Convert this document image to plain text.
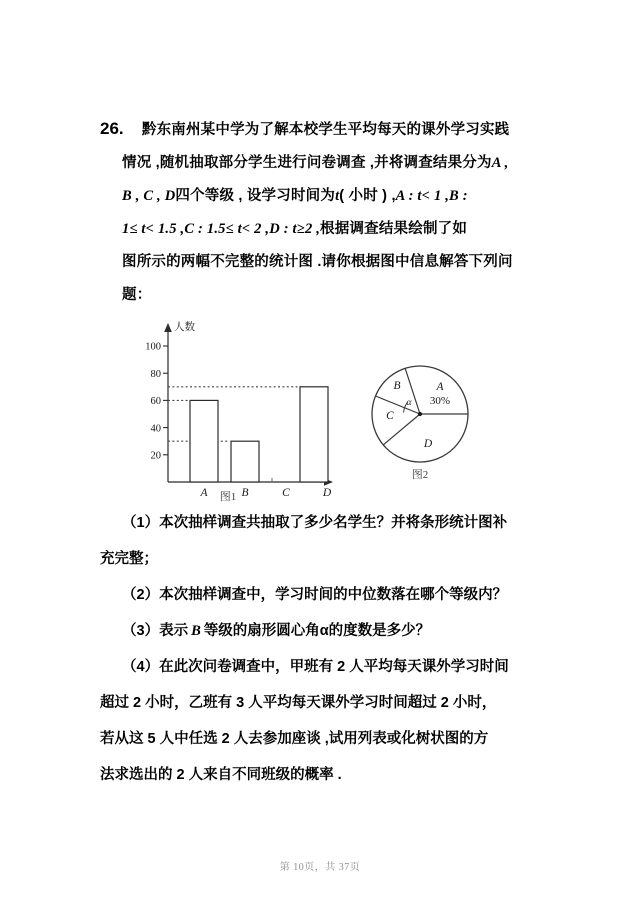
26. 黔东南州某中学为了解本校学生平均每天的课外学习实践
情况 ,随机抽取部分学生进行问卷调查 ,并将调查结果分为A ,
B , C , D四个等级 , 设学习时间为t( 小时 ) ,A : t< 1 ,B :
1≤ t< 1.5 ,C : 1.5≤ t< 2 ,D : t≥2 ,根据调查结果绘制了如
图所示的两幅不完整的统计图 .请你根据图中信息解答下列问
题：
20
40
60
80
100
人数
A	B	C	D
图1
A
30%
B
C
D
α
图2
（1）本次抽样调查共抽取了多少名学生？并将条形统计图补
充完整；
（2）本次抽样调查中，学习时间的中位数落在哪个等级内？
（3）表示 B 等级的扇形圆心角α的度数是多少？
（4）在此次问卷调查中，甲班有 2 人平均每天课外学习时间
超过 2 小时，乙班有 3 人平均每天课外学习时间超过 2 小时，
若从这 5 人中任选 2 人去参加座谈 ,试用列表或化树状图的方
法求选出的 2 人来自不同班级的概率 .
第 10页，共 37页
